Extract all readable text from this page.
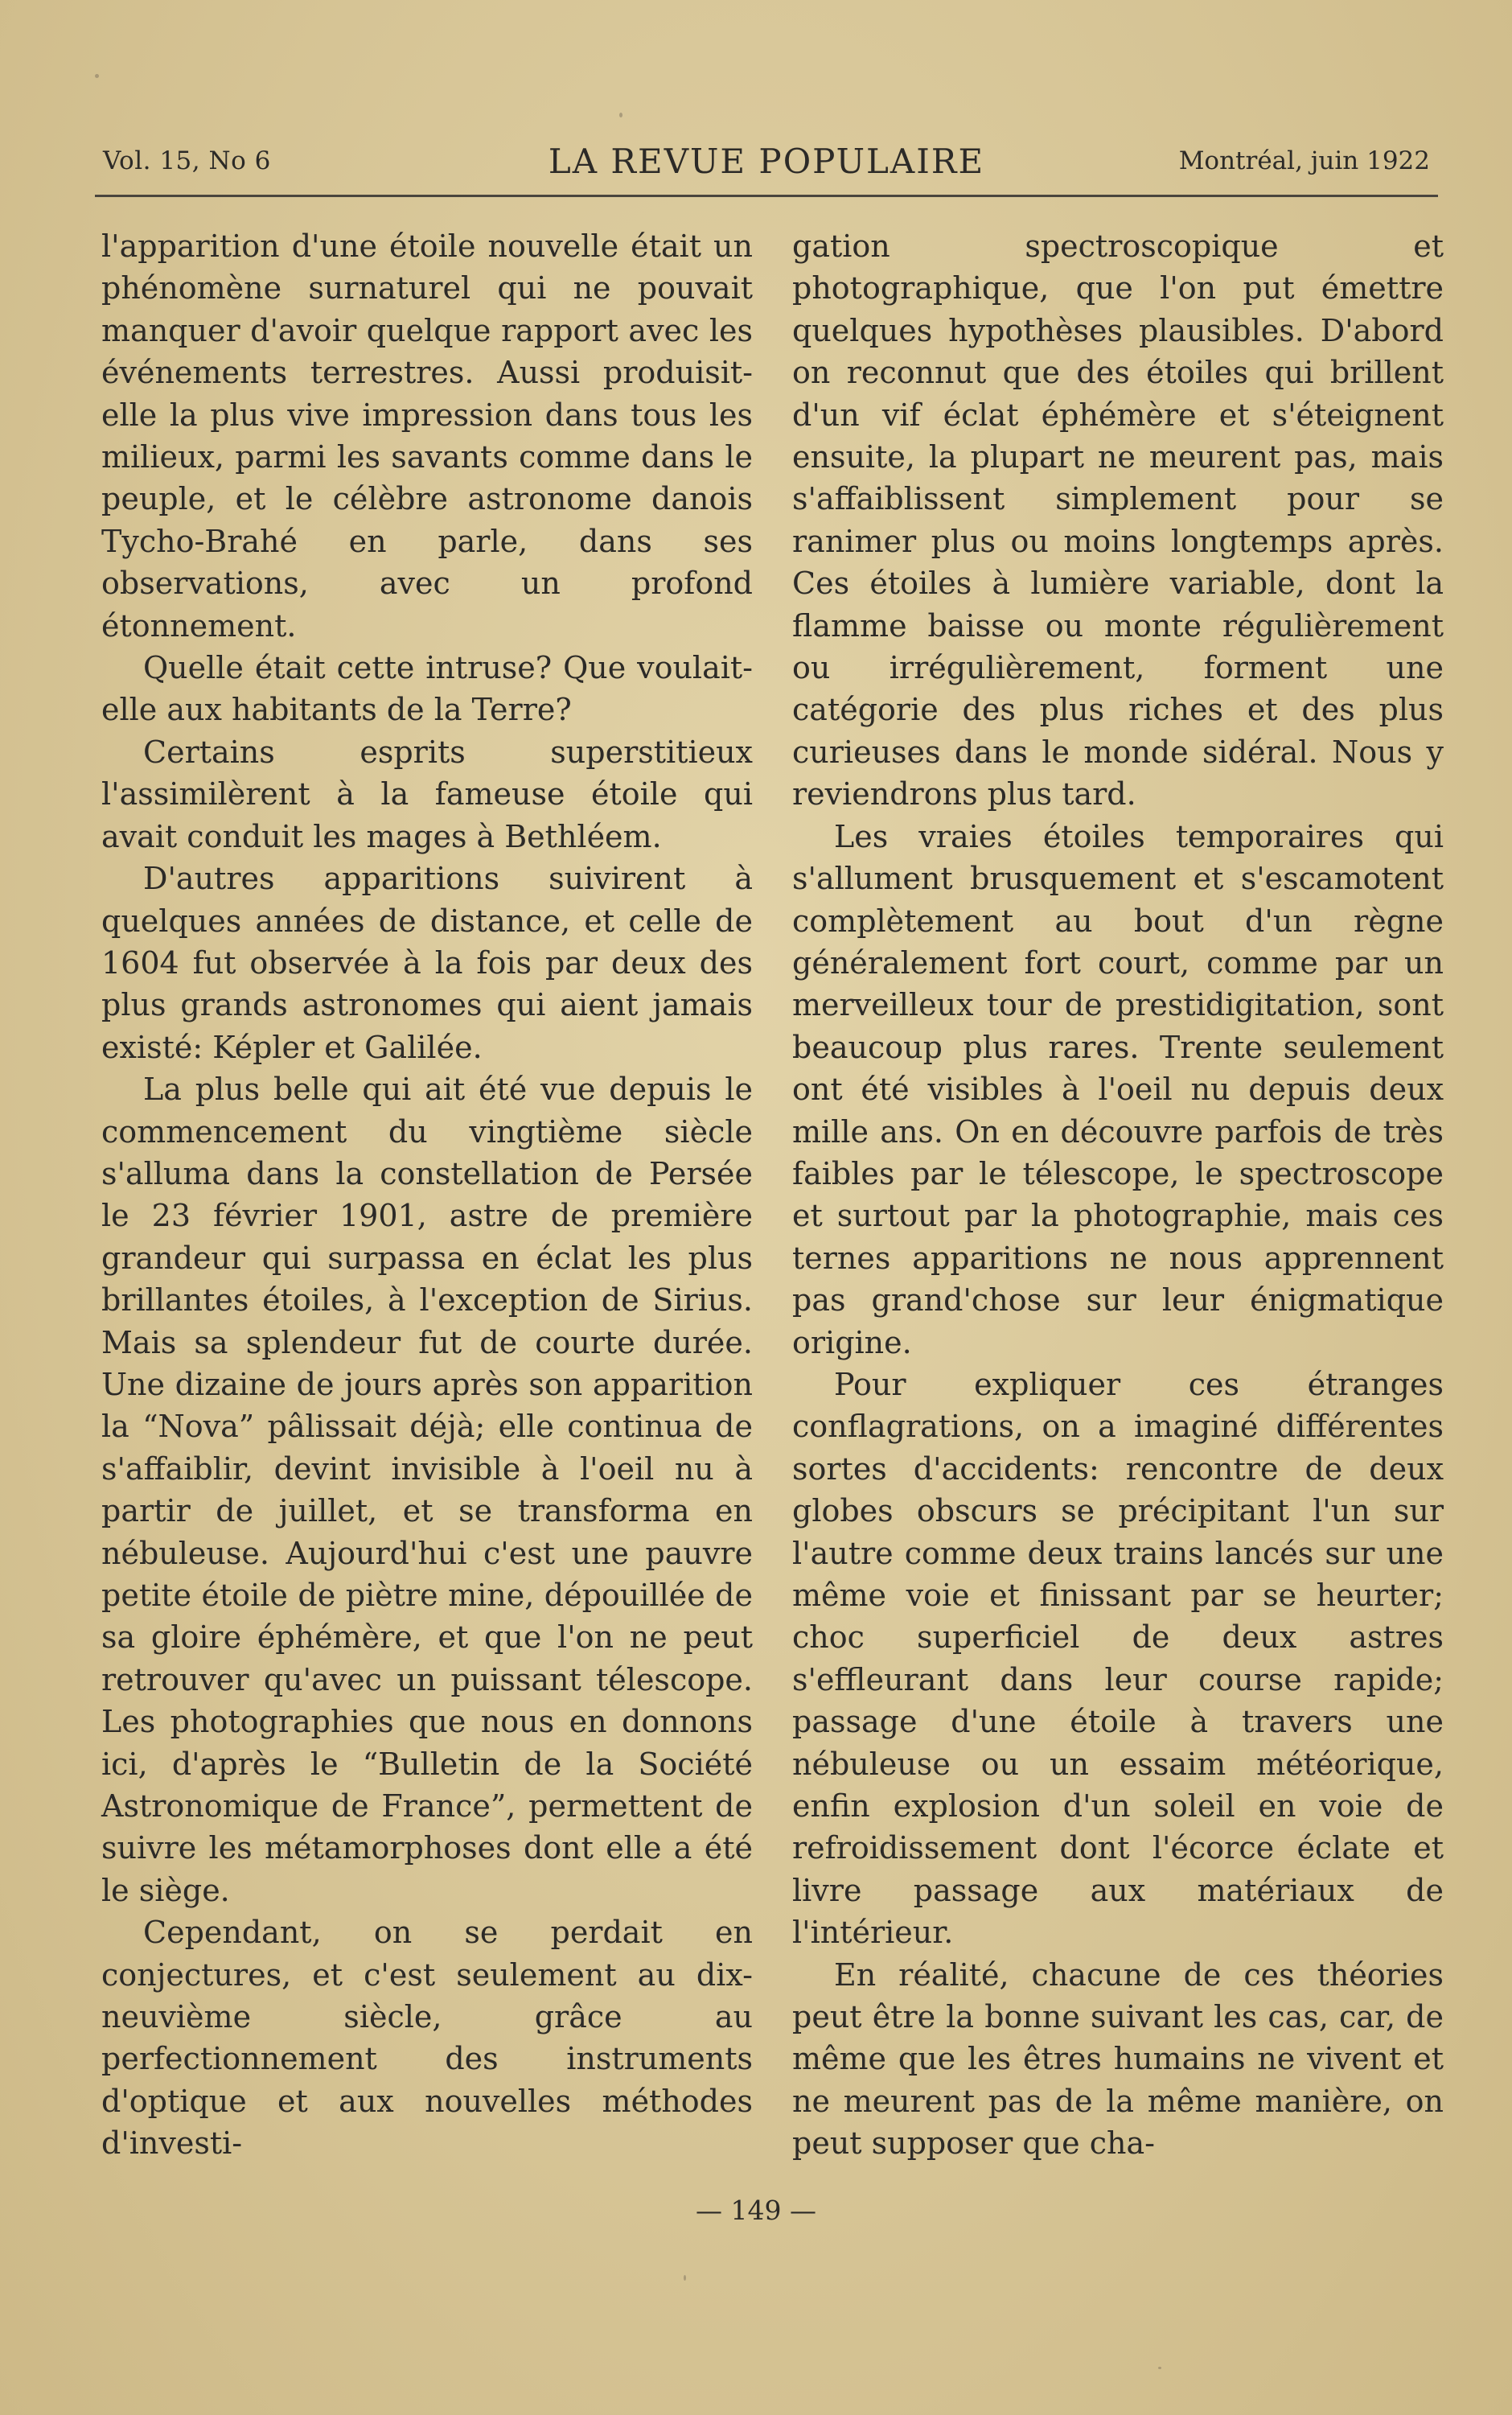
Vol. 15, No 6	LA REVUE POPULAIRE	Montréal, juin 1922

l'apparition d'une étoile nouvelle était un phénomène surnaturel qui ne pouvait manquer d'avoir quelque rapport avec les événements terrestres. Aussi produisit-elle la plus vive impression dans tous les milieux, parmi les savants comme dans le peuple, et le célèbre astronome danois Tycho-Brahé en parle, dans ses observations, avec un profond étonnement.

Quelle était cette intruse? Que voulait-elle aux habitants de la Terre?

Certains esprits superstitieux l'assimilèrent à la fameuse étoile qui avait conduit les mages à Bethléem.

D'autres apparitions suivirent à quelques années de distance, et celle de 1604 fut observée à la fois par deux des plus grands astronomes qui aient jamais existé: Képler et Galilée.

La plus belle qui ait été vue depuis le commencement du vingtième siècle s'alluma dans la constellation de Persée le 23 février 1901, astre de première grandeur qui surpassa en éclat les plus brillantes étoiles, à l'exception de Sirius. Mais sa splendeur fut de courte durée. Une dizaine de jours après son apparition la “Nova” pâlissait déjà; elle continua de s'affaiblir, devint invisible à l'oeil nu à partir de juillet, et se transforma en nébuleuse. Aujourd'hui c'est une pauvre petite étoile de piètre mine, dépouillée de sa gloire éphémère, et que l'on ne peut retrouver qu'avec un puissant télescope. Les photographies que nous en donnons ici, d'après le “Bulletin de la Société Astronomique de France”, permettent de suivre les métamorphoses dont elle a été le siège.

Cependant, on se perdait en conjectures, et c'est seulement au dix-neuvième siècle, grâce au perfectionnement des instruments d'optique et aux nouvelles méthodes d'investi-

gation spectroscopique et photographique, que l'on put émettre quelques hypothèses plausibles. D'abord on reconnut que des étoiles qui brillent d'un vif éclat éphémère et s'éteignent ensuite, la plupart ne meurent pas, mais s'affaiblissent simplement pour se ranimer plus ou moins longtemps après. Ces étoiles à lumière variable, dont la flamme baisse ou monte régulièrement ou irrégulièrement, forment une catégorie des plus riches et des plus curieuses dans le monde sidéral. Nous y reviendrons plus tard.

Les vraies étoiles temporaires qui s'allument brusquement et s'escamotent complètement au bout d'un règne généralement fort court, comme par un merveilleux tour de prestidigitation, sont beaucoup plus rares. Trente seulement ont été visibles à l'oeil nu depuis deux mille ans. On en découvre parfois de très faibles par le télescope, le spectroscope et surtout par la photographie, mais ces ternes apparitions ne nous apprennent pas grand'chose sur leur énigmatique origine.

Pour expliquer ces étranges conflagrations, on a imaginé différentes sortes d'accidents: rencontre de deux globes obscurs se précipitant l'un sur l'autre comme deux trains lancés sur une même voie et finissant par se heurter; choc superficiel de deux astres s'effleurant dans leur course rapide; passage d'une étoile à travers une nébuleuse ou un essaim météorique, enfin explosion d'un soleil en voie de refroidissement dont l'écorce éclate et livre passage aux matériaux de l'intérieur.

En réalité, chacune de ces théories peut être la bonne suivant les cas, car, de même que les êtres humains ne vivent et ne meurent pas de la même manière, on peut supposer que cha-

— 149 —
